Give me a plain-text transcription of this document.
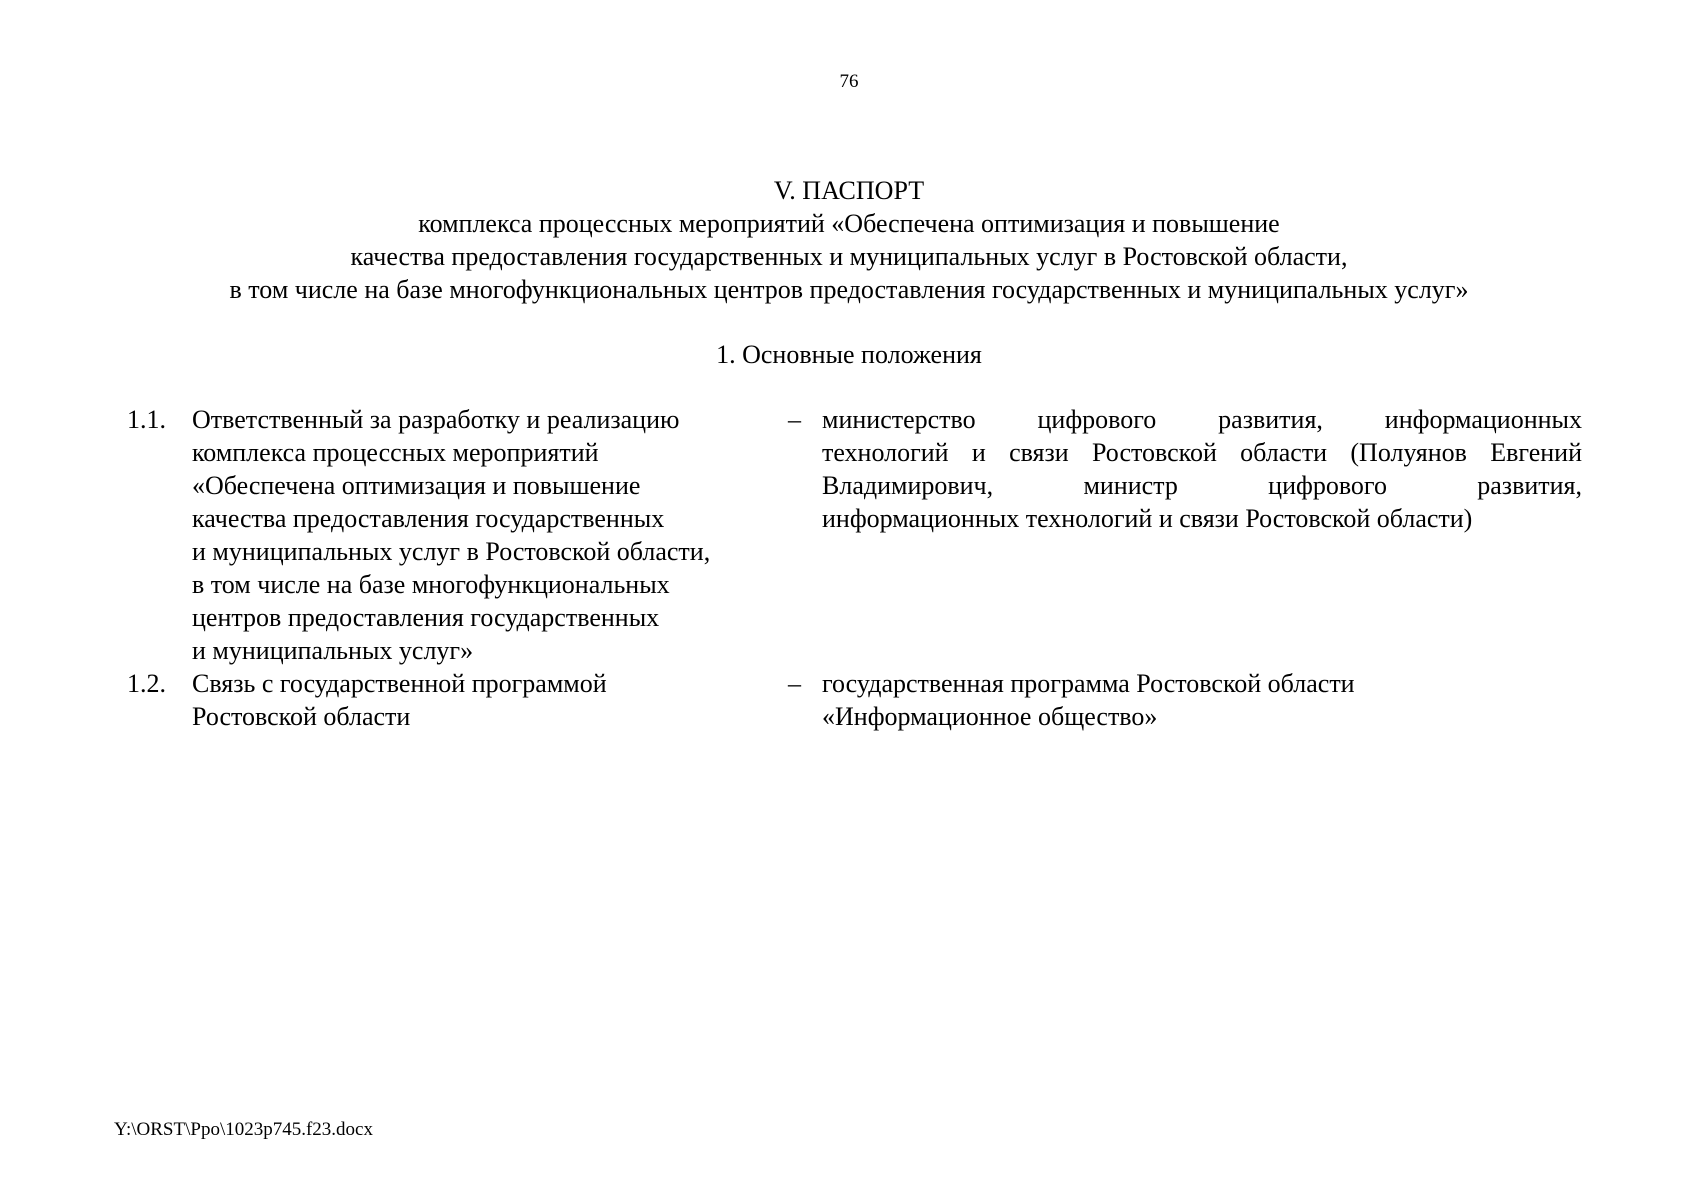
76
V. ПАСПОРТ
комплекса процессных мероприятий «Обеспечена оптимизация и повышение
качества предоставления государственных и муниципальных услуг в Ростовской области,
в том числе на базе многофункциональных центров предоставления государственных и муниципальных услуг»
1. Основные положения
1.1.	Ответственный за разработку и реализацию
комплекса процессных мероприятий
«Обеспечена оптимизация и повышение
качества предоставления государственных
и муниципальных услуг в Ростовской области,
в том числе на базе многофункциональных
центров предоставления государственных
и муниципальных услуг»
– министерство цифрового развития, информационных
технологий и связи Ростовской области (Полуянов Евгений
Владимирович, министр цифрового развития,
информационных технологий и связи Ростовской области)
1.2.	Связь с государственной программой
Ростовской области
– государственная программа Ростовской области
«Информационное общество»
Y:\ORST\Ppo\1023p745.f23.docx
